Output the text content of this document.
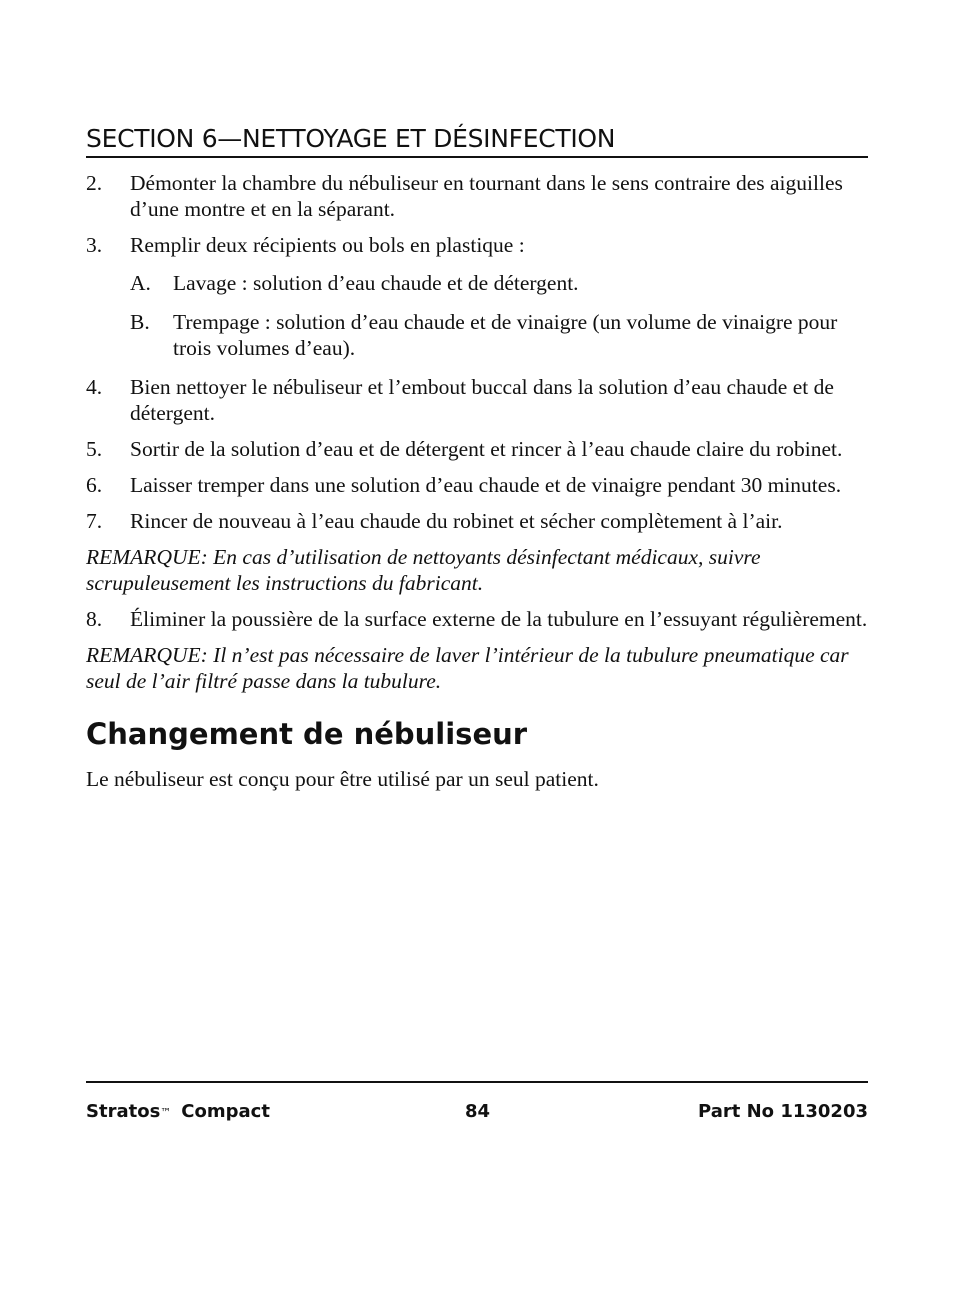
SECTION 6—NETTOYAGE ET DÉSINFECTION
2.	Démonter la chambre du nébuliseur en tournant dans le sens contraire des aiguilles d’une montre et en la séparant.
3.	Remplir deux récipients ou bols en plastique :
A.	Lavage : solution d’eau chaude et de détergent.
B.	Trempage : solution d’eau chaude et de vinaigre (un volume de vinaigre pour trois volumes d’eau).
4.	Bien nettoyer le nébuliseur et l’embout buccal dans la solution d’eau chaude et de détergent.
5.	Sortir de la solution d’eau et de détergent et rincer à l’eau chaude claire du robinet.
6.	Laisser tremper dans une solution d’eau chaude et de vinaigre pendant 30 minutes.
7.	Rincer de nouveau à l’eau chaude du robinet et sécher complètement à l’air.
REMARQUE: En cas d’utilisation de nettoyants désinfectant médicaux, suivre scrupuleusement les instructions du fabricant.
8.	Éliminer la poussière de la surface externe de la tubulure en l’essuyant régulièrement.
REMARQUE: Il n’est pas nécessaire de laver l’intérieur de la tubulure pneumatique car seul de l’air filtré passe dans la tubulure.
Changement de nébuliseur
Le nébuliseur est conçu pour être utilisé par un seul patient.
Stratos™ Compact	84	Part No 1130203
